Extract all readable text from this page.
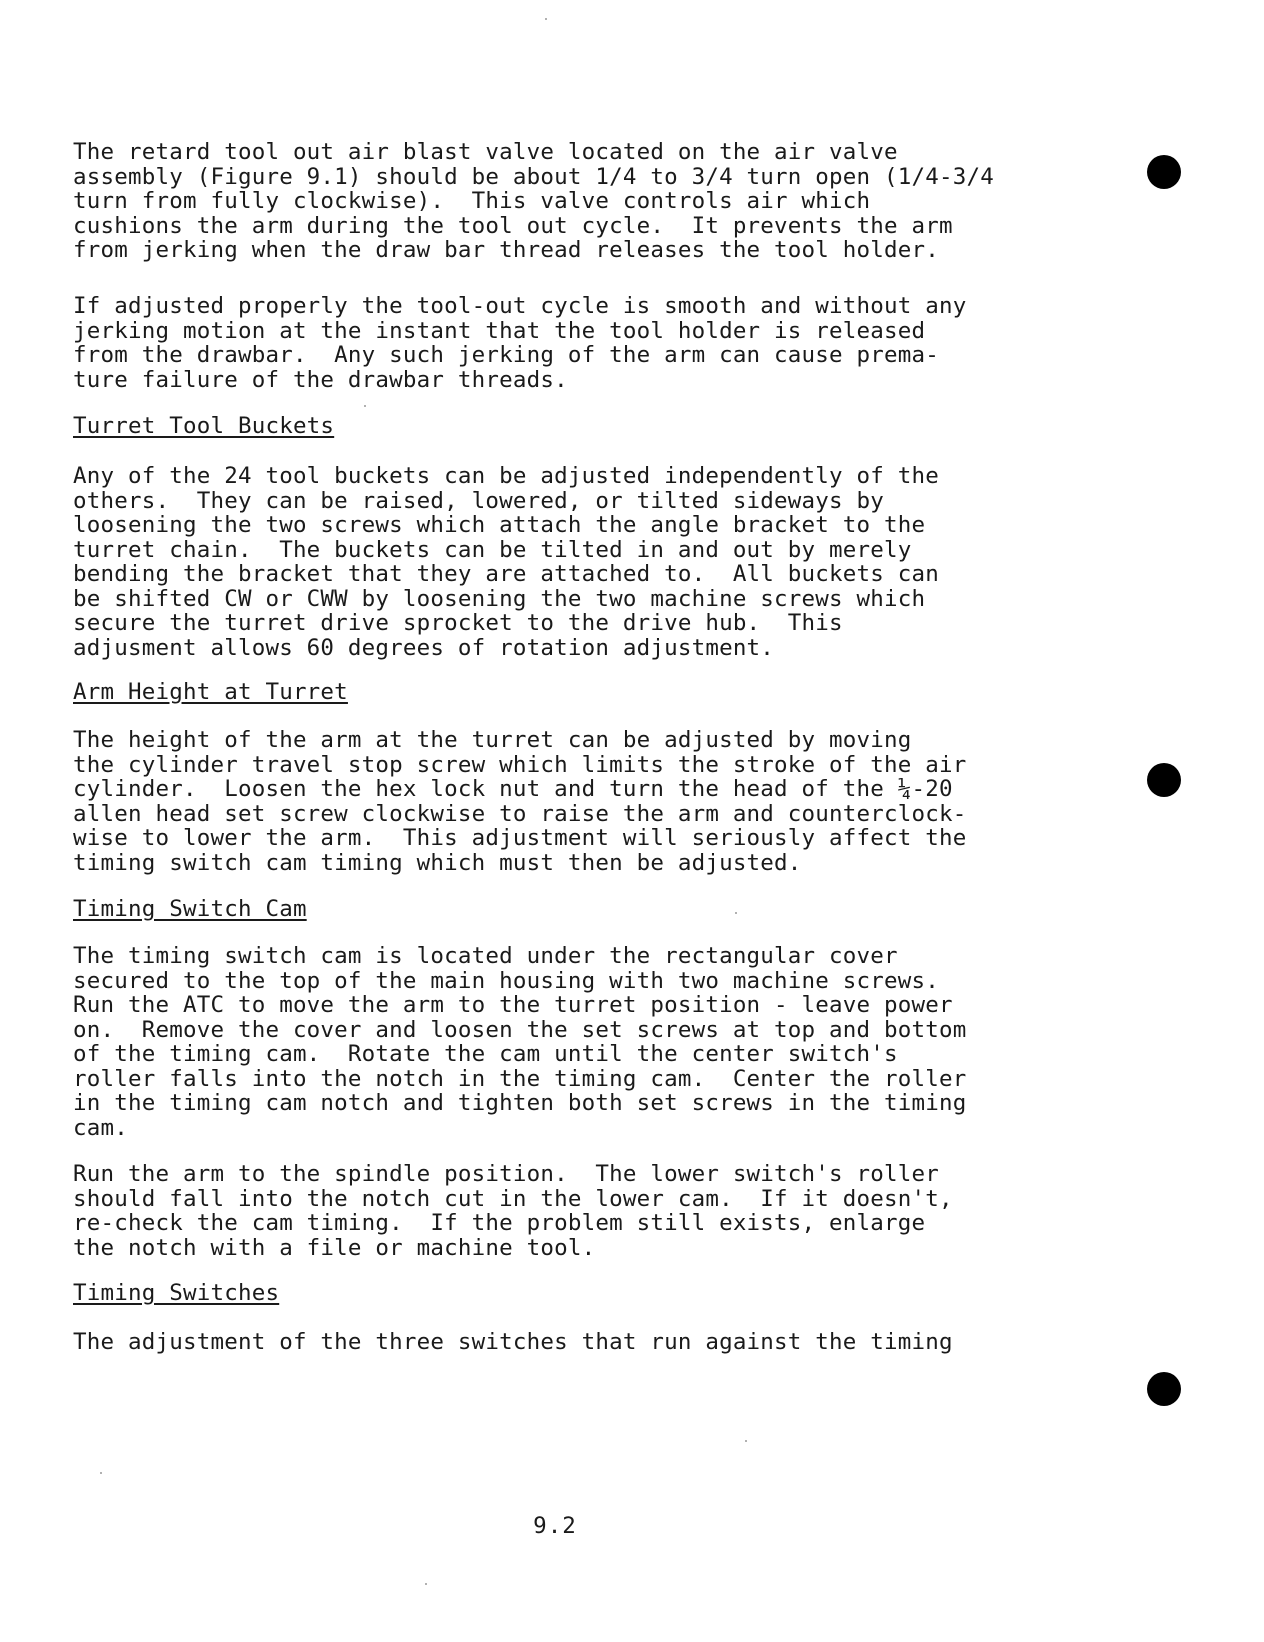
The retard tool out air blast valve located on the air valve
assembly (Figure 9.1) should be about 1/4 to 3/4 turn open (1/4-3/4
turn from fully clockwise).  This valve controls air which
cushions the arm during the tool out cycle.  It prevents the arm
from jerking when the draw bar thread releases the tool holder.
If adjusted properly the tool-out cycle is smooth and without any
jerking motion at the instant that the tool holder is released
from the drawbar.  Any such jerking of the arm can cause prema-
ture failure of the drawbar threads.
Turret Tool Buckets
Any of the 24 tool buckets can be adjusted independently of the
others.  They can be raised, lowered, or tilted sideways by
loosening the two screws which attach the angle bracket to the
turret chain.  The buckets can be tilted in and out by merely
bending the bracket that they are attached to.  All buckets can
be shifted CW or CWW by loosening the two machine screws which
secure the turret drive sprocket to the drive hub.  This
adjusment allows 60 degrees of rotation adjustment.
Arm Height at Turret
The height of the arm at the turret can be adjusted by moving
the cylinder travel stop screw which limits the stroke of the air
cylinder.  Loosen the hex lock nut and turn the head of the ¼-20
allen head set screw clockwise to raise the arm and counterclock-
wise to lower the arm.  This adjustment will seriously affect the
timing switch cam timing which must then be adjusted.
Timing Switch Cam
The timing switch cam is located under the rectangular cover
secured to the top of the main housing with two machine screws.
Run the ATC to move the arm to the turret position - leave power
on.  Remove the cover and loosen the set screws at top and bottom
of the timing cam.  Rotate the cam until the center switch's
roller falls into the notch in the timing cam.  Center the roller
in the timing cam notch and tighten both set screws in the timing
cam.
Run the arm to the spindle position.  The lower switch's roller
should fall into the notch cut in the lower cam.  If it doesn't,
re-check the cam timing.  If the problem still exists, enlarge
the notch with a file or machine tool.
Timing Switches
The adjustment of the three switches that run against the timing
9.2
